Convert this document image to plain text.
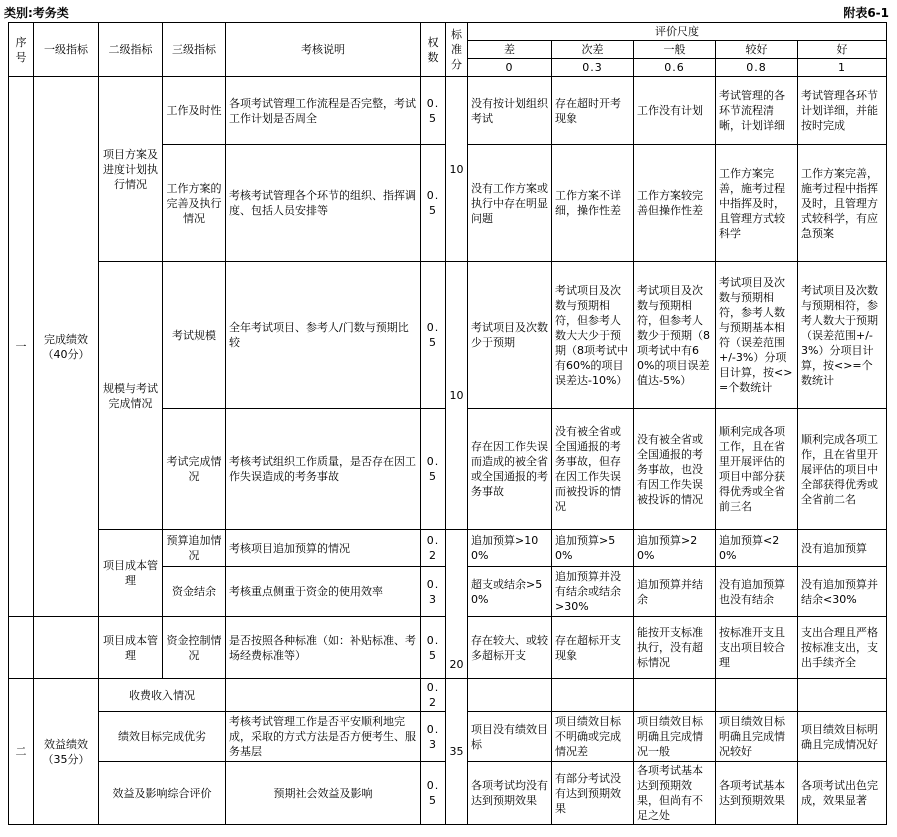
类别:考务类	附表6-1
序号	一级指标	二级指标	三级指标	考核说明	权数	标准分	评价尺度				
							差	次差	一般	较好	好
							0	0.3	0.6	0.8	1
一	完成绩效（40分）	项目方案及进度计划执行情况	工作及时性	各项考试管理工作流程是否完整，考试工作计划是否周全	0.5	10	没有按计划组织考试	存在超时开考现象	工作没有计划	考试管理的各环节流程清晰，计划详细	考试管理各环节计划详细，并能按时完成
			工作方案的完善及执行情况	考核考试管理各个环节的组织、指挥调度、包括人员安排等	0.5		没有工作方案或执行中存在明显问题	工作方案不详细，操作性差	工作方案较完善但操作性差	工作方案完善，施考过程中指挥及时，且管理方式较科学	工作方案完善，施考过程中指挥及时，且管理方式较科学，有应急预案
		规模与考试完成情况	考试规模	全年考试项目、参考人/门数与预期比较	0.5	10	考试项目及次数少于预期	考试项目及次数与预期相符，但参考人数大大少于预期（8项考试中有60%的项目误差达-10%）	考试项目及次数与预期相符，但参考人数少于预期（8项考试中有60%的项目误差值达-5%）	考试项目及次数与预期相符，参考人数与预期基本相符（误差范围+/-3%）分项目计算，按<>=个数统计	考试项目及次数与预期相符，参考人数大于预期（误差范围+/-3%）分项目计算，按<>=个数统计
			考试完成情况	考核考试组织工作质量，是否存在因工作失误造成的考务事故	0.5		存在因工作失误而造成的被全省或全国通报的考务事故	没有被全省或全国通报的考务事故，但存在因工作失误而被投诉的情况	没有被全省或全国通报的考务事故，也没有因工作失误被投诉的情况	顺利完成各项工作，且在省里开展评估的项目中部分获得优秀或全省前三名	顺利完成各项工作，且在省里开展评估的项目中全部获得优秀或全省前二名
		项目成本管理	预算追加情况	考核项目追加预算的情况	0.2	20	追加预算>100%	追加预算>50%	追加预算>20%	追加预算<20%	没有追加预算
			资金结余	考核重点侧重于资金的使用效率	0.3		超支或结余>50%	追加预算并没有结余或结余>30%	追加预算并结余	没有追加预算也没有结余	没有追加预算并结余<30%
		项目成本管理	资金控制情况	是否按照各种标准（如：补贴标准、考场经费标准等）	0.5		存在较大、或较多超标开支	存在超标开支现象	能按开支标准执行，没有超标情况	按标准开支且支出项目较合理	支出合理且严格按标准支出，支出手续齐全
二	效益绩效（35分）	收费收入情况			0.2	35					
		绩效目标完成优劣		考核考试管理工作是否平安顺利地完成，采取的方式方法是否方便考生、服务基层	0.3		项目没有绩效目标	项目绩效目标不明确或完成情况差	项目绩效目标明确且完成情况一般	项目绩效目标明确且完成情况较好	项目绩效目标明确且完成情况好
		效益及影响综合评价		预期社会效益及影响	0.5		各项考试均没有达到预期效果	有部分考试没有达到预期效果	各项考试基本达到预期效果，但尚有不足之处	各项考试基本达到预期效果	各项考试出色完成，效果显著
